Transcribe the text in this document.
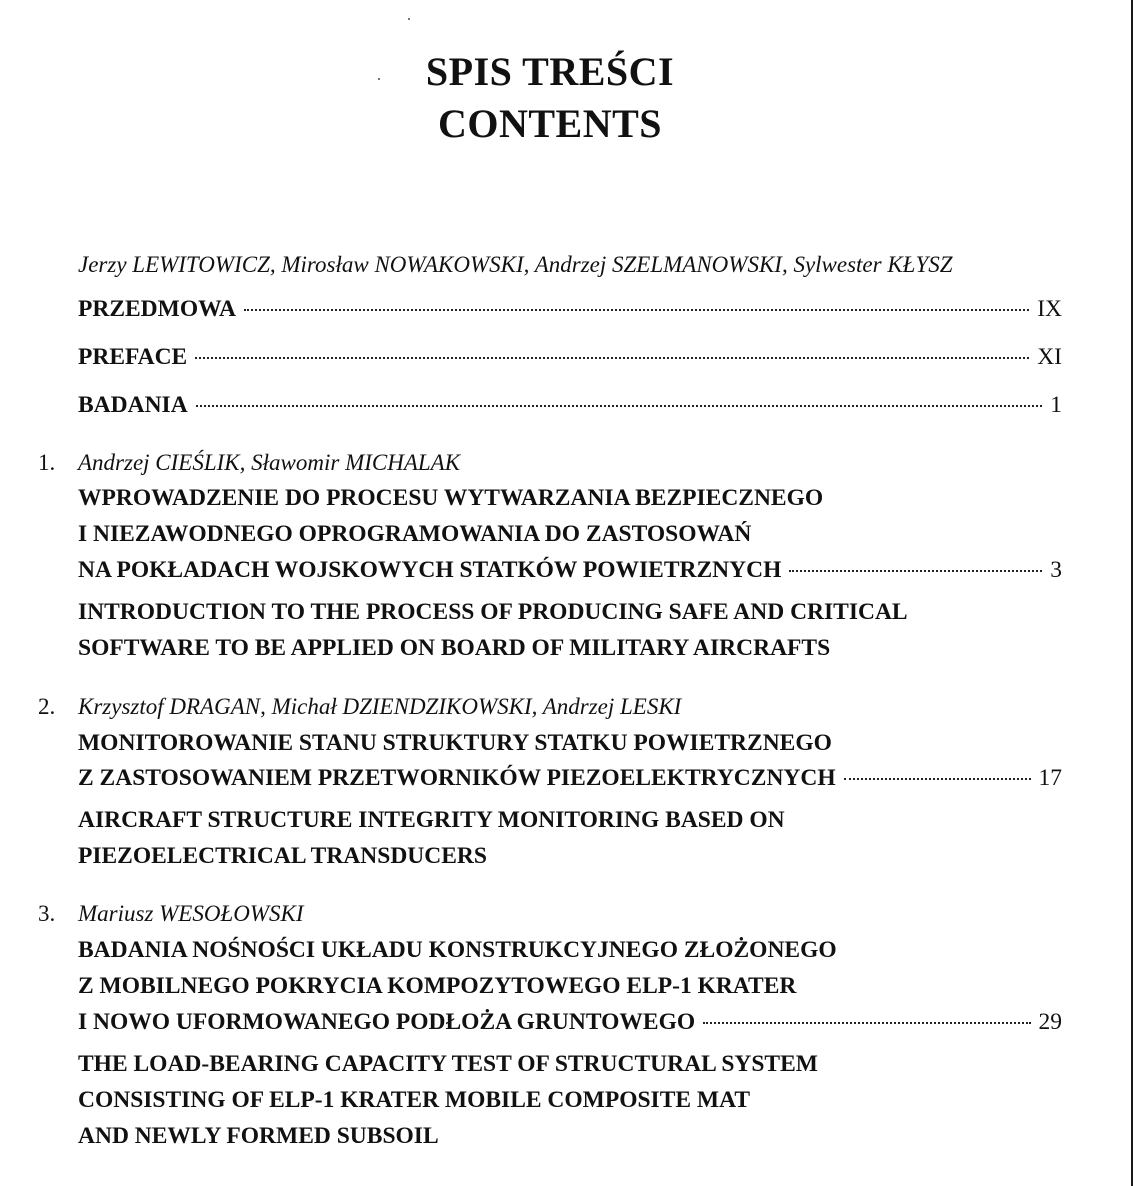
SPIS TREŚCI
CONTENTS
Jerzy LEWITOWICZ, Mirosław NOWAKOWSKI, Andrzej SZELMANOWSKI, Sylwester KŁYSZ
PRZEDMOWA	IX
PREFACE	XI
BADANIA	1
1. Andrzej CIEŚLIK, Sławomir MICHALAK
WPROWADZENIE DO PROCESU WYTWARZANIA BEZPIECZNEGO
I NIEZAWODNEGO OPROGRAMOWANIA DO ZASTOSOWAŃ
NA POKŁADACH WOJSKOWYCH STATKÓW POWIETRZNYCH	3
INTRODUCTION TO THE PROCESS OF PRODUCING SAFE AND CRITICAL
SOFTWARE TO BE APPLIED ON BOARD OF MILITARY AIRCRAFTS
2. Krzysztof DRAGAN, Michał DZIENDZIKOWSKI, Andrzej LESKI
MONITOROWANIE STANU STRUKTURY STATKU POWIETRZNEGO
Z ZASTOSOWANIEM PRZETWORNIKÓW PIEZOELEKTRYCZNYCH	17
AIRCRAFT STRUCTURE INTEGRITY MONITORING BASED ON
PIEZOELECTRICAL TRANSDUCERS
3. Mariusz WESOŁOWSKI
BADANIA NOŚNOŚCI UKŁADU KONSTRUKCYJNEGO ZŁOŻONEGO
Z MOBILNEGO POKRYCIA KOMPOZYTOWEGO ELP-1 KRATER
I NOWO UFORMOWANEGO PODŁOŻA GRUNTOWEGO	29
THE LOAD-BEARING CAPACITY TEST OF STRUCTURAL SYSTEM
CONSISTING OF ELP-1 KRATER MOBILE COMPOSITE MAT
AND NEWLY FORMED SUBSOIL
